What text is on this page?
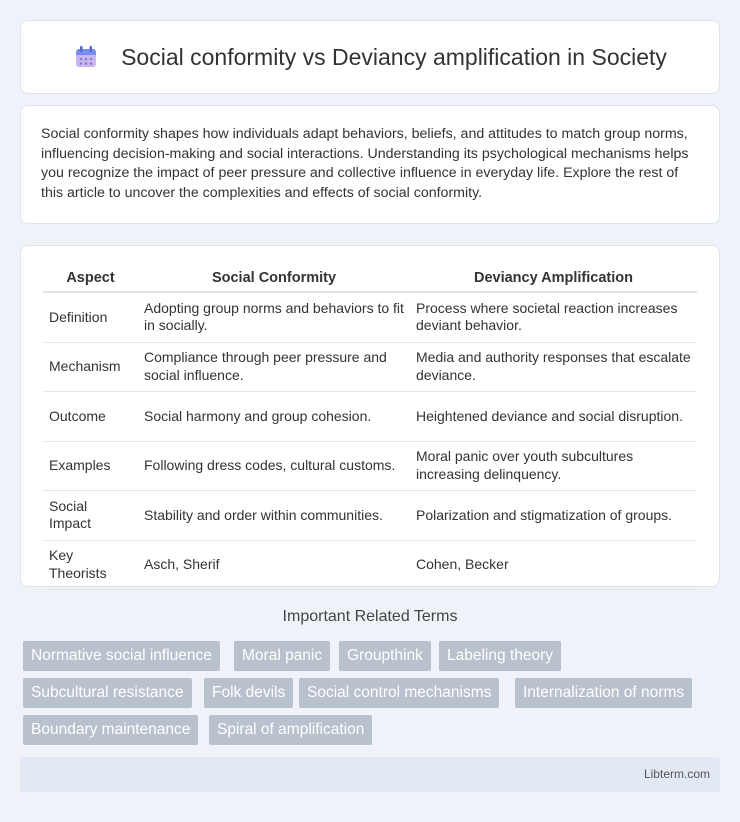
Social conformity vs Deviancy amplification in Society

Social conformity shapes how individuals adapt behaviors, beliefs, and attitudes to match group norms, influencing decision-making and social interactions. Understanding its psychological mechanisms helps you recognize the impact of peer pressure and collective influence in everyday life. Explore the rest of this article to uncover the complexities and effects of social conformity.

Aspect	Social Conformity	Deviancy Amplification
Definition	Adopting group norms and behaviors to fit in socially.	Process where societal reaction increases deviant behavior.
Mechanism	Compliance through peer pressure and social influence.	Media and authority responses that escalate deviance.
Outcome	Social harmony and group cohesion.	Heightened deviance and social disruption.
Examples	Following dress codes, cultural customs.	Moral panic over youth subcultures increasing delinquency.
Social Impact	Stability and order within communities.	Polarization and stigmatization of groups.
Key Theorists	Asch, Sherif	Cohen, Becker
Important Related Terms
Normative social influence	Moral panic	Groupthink	Labeling theory
Subcultural resistance	Folk devils	Social control mechanisms	Internalization of norms
Boundary maintenance	Spiral of amplification
Libterm.com
